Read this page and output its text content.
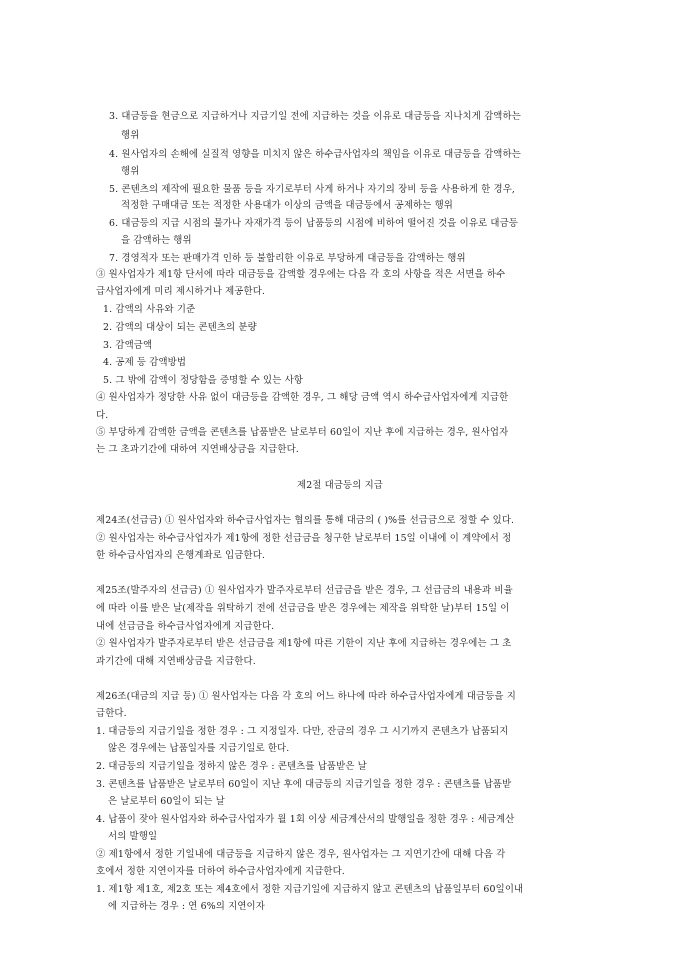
3. 대금등을 현금으로 지급하거나 지급기일 전에 지급하는 것을 이유로 대금등을 지나치게 감액하는
행위
4. 원사업자의 손해에 실질적 영향을 미치지 않은 하수급사업자의 책임을 이유로 대금등을 감액하는
행위
5. 콘텐츠의 제작에 필요한 물품 등을 자기로부터 사게 하거나 자기의 장비 등을 사용하게 한 경우,
적정한 구매대금 또는 적정한 사용대가 이상의 금액을 대금등에서 공제하는 행위
6. 대금등의 지급 시점의 물가나 자재가격 등이 납품등의 시점에 비하여 떨어진 것을 이유로 대금등
을 감액하는 행위
7. 경영적자 또는 판매가격 인하 등 불합리한 이유로 부당하게 대금등을 감액하는 행위
③ 원사업자가 제1항 단서에 따라 대금등을 감액할 경우에는 다음 각 호의 사항을 적은 서면을 하수
급사업자에게 미리 제시하거나 제공한다.
1. 감액의 사유와 기준
2. 감액의 대상이 되는 콘텐츠의 분량
3. 감액금액
4. 공제 등 감액방법
5. 그 밖에 감액이 정당함을 증명할 수 있는 사항
④ 원사업자가 정당한 사유 없이 대금등을 감액한 경우, 그 해당 금액 역시 하수급사업자에게 지급한
다.
⑤ 부당하게 감액한 금액을 콘텐츠를 납품받은 날로부터 60일이 지난 후에 지급하는 경우, 원사업자
는 그 초과기간에 대하여 지연배상금을 지급한다.
제2절 대금등의 지급
제24조(선급금) ① 원사업자와 하수급사업자는 협의를 통해 대금의 ( )%를 선급금으로 정할 수 있다.
② 원사업자는 하수급사업자가 제1항에 정한 선급금을 청구한 날로부터 15일 이내에 이 계약에서 정
한 하수급사업자의 은행계좌로 입금한다.
제25조(발주자의 선급금) ① 원사업자가 발주자로부터 선급금을 받은 경우, 그 선급금의 내용과 비율
에 따라 이를 받은 날(제작을 위탁하기 전에 선급금을 받은 경우에는 제작을 위탁한 날)부터 15일 이
내에 선급금을 하수급사업자에게 지급한다.
② 원사업자가 발주자로부터 받은 선급금을 제1항에 따른 기한이 지난 후에 지급하는 경우에는 그 초
과기간에 대해 지연배상금을 지급한다.
제26조(대금의 지급 등) ① 원사업자는 다음 각 호의 어느 하나에 따라 하수급사업자에게 대금등을 지
급한다.
1. 대금등의 지급기일을 정한 경우 : 그 지정일자. 다만, 잔금의 경우 그 시기까지 콘텐츠가 납품되지
않은 경우에는 납품일자를 지급기일로 한다.
2. 대금등의 지급기일을 정하지 않은 경우 : 콘텐츠를 납품받은 날
3. 콘텐츠를 납품받은 날로부터 60일이 지난 후에 대금등의 지급기일을 정한 경우 : 콘텐츠를 납품받
은 날로부터 60일이 되는 날
4. 납품이 잦아 원사업자와 하수급사업자가 월 1회 이상 세금계산서의 발행일을 정한 경우 : 세금계산
서의 발행일
② 제1항에서 정한 기일내에 대금등을 지급하지 않은 경우, 원사업자는 그 지연기간에 대해 다음 각
호에서 정한 지연이자를 더하여 하수급사업자에게 지급한다.
1. 제1항 제1호, 제2호 또는 제4호에서 정한 지급기일에 지급하지 않고 콘텐츠의 납품일부터 60일이내
에 지급하는 경우 : 연 6%의 지연이자
